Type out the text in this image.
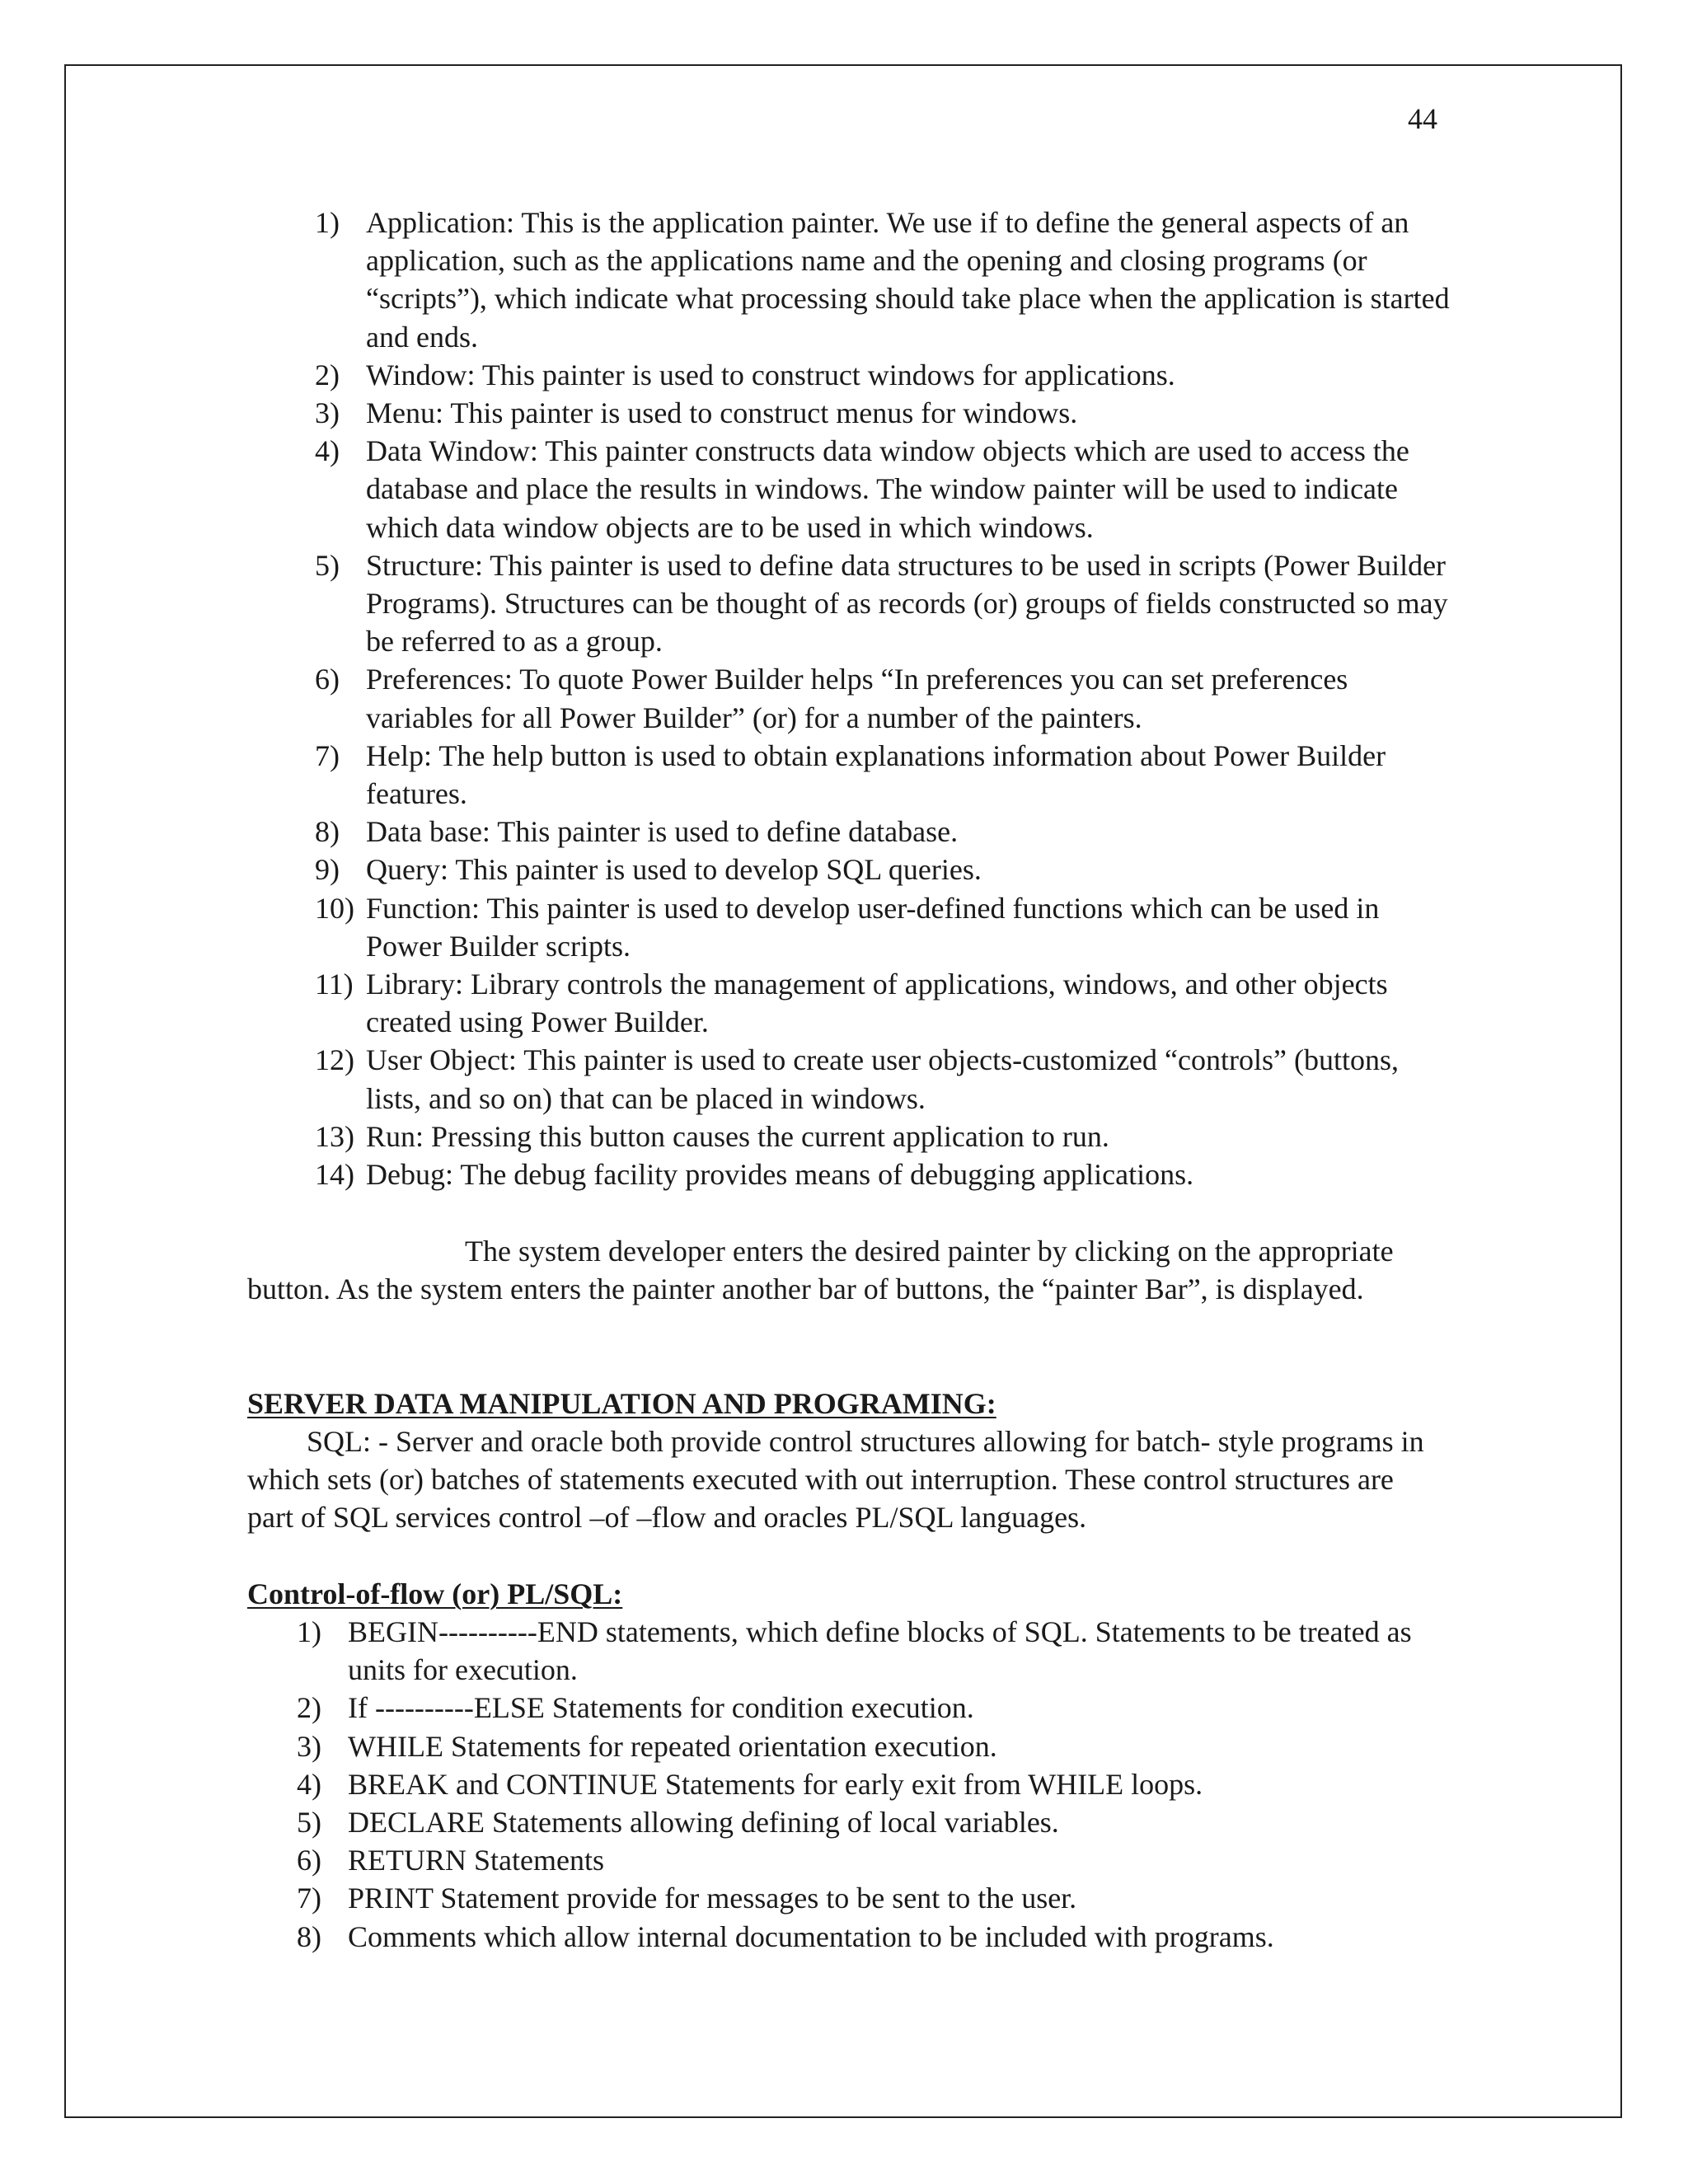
44
1) Application: This is the application painter. We use if to define the general aspects of an application, such as the applications name and the opening and closing programs (or “scripts”), which indicate what processing should take place when the application is started and ends.
2) Window: This painter is used to construct windows for applications.
3) Menu: This painter is used to construct menus for windows.
4) Data Window: This painter constructs data window objects which are used to access the database and place the results in windows. The window painter will be used to indicate which data window objects are to be used in which windows.
5) Structure: This painter is used to define data structures to be used in scripts (Power Builder Programs). Structures can be thought of as records (or) groups of fields constructed so may be referred to as a group.
6) Preferences: To quote Power Builder helps “In preferences you can set preferences variables for all Power Builder” (or) for a number of the painters.
7) Help: The help button is used to obtain explanations information about Power Builder features.
8) Data base: This painter is used to define database.
9) Query: This painter is used to develop SQL queries.
10) Function: This painter is used to develop user-defined functions which can be used in Power Builder scripts.
11) Library: Library controls the management of applications, windows, and other objects created using Power Builder.
12) User Object: This painter is used to create user objects-customized “controls” (buttons, lists, and so on) that can be placed in windows.
13) Run: Pressing this button causes the current application to run.
14) Debug: The debug facility provides means of debugging applications.

The system developer enters the desired painter by clicking on the appropriate button. As the system enters the painter another bar of buttons, the “painter Bar”, is displayed.

SERVER DATA MANIPULATION AND PROGRAMING:

SQL: - Server and oracle both provide control structures allowing for batch- style programs in which sets (or) batches of statements executed with out interruption. These control structures are part of SQL services control –of –flow and oracles PL/SQL languages.

Control-of-flow (or) PL/SQL:

1) BEGIN----------END statements, which define blocks of SQL. Statements to be treated as units for execution.
2) If ----------ELSE Statements for condition execution.
3) WHILE Statements for repeated orientation execution.
4) BREAK and CONTINUE Statements for early exit from WHILE loops.
5) DECLARE Statements allowing defining of local variables.
6) RETURN Statements
7) PRINT Statement provide for messages to be sent to the user.
8) Comments which allow internal documentation to be included with programs.
